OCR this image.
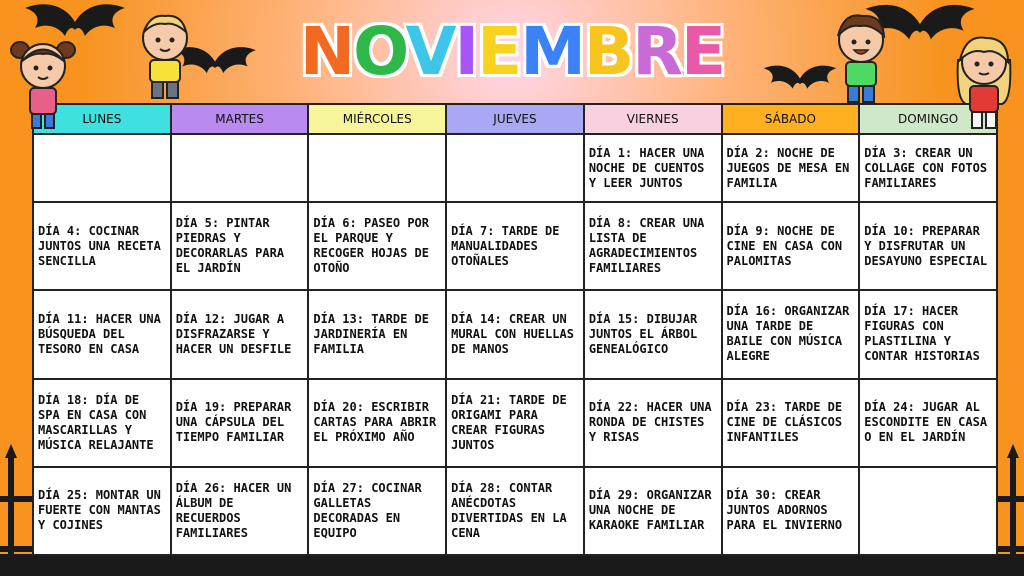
NOVIEMBRE
LUNES	MARTES	MIÉRCOLES	JUEVES	VIERNES	SÁBADO	DOMINGO
				DÍA 1: HACER UNA NOCHE DE CUENTOS Y LEER JUNTOS	DÍA 2: NOCHE DE JUEGOS DE MESA EN FAMILIA	DÍA 3: CREAR UN COLLAGE CON FOTOS FAMILIARES
DÍA 4: COCINAR JUNTOS UNA RECETA SENCILLA	DÍA 5: PINTAR PIEDRAS Y DECORARLAS PARA EL JARDÍN	DÍA 6: PASEO POR EL PARQUE Y RECOGER HOJAS DE OTOÑO	DÍA 7: TARDE DE MANUALIDADES OTOÑALES	DÍA 8: CREAR UNA LISTA DE AGRADECIMIENTOS FAMILIARES	DÍA 9: NOCHE DE CINE EN CASA CON PALOMITAS	DÍA 10: PREPARAR Y DISFRUTAR UN DESAYUNO ESPECIAL
DÍA 11: HACER UNA BÚSQUEDA DEL TESORO EN CASA	DÍA 12: JUGAR A DISFRAZARSE Y HACER UN DESFILE	DÍA 13: TARDE DE JARDINERÍA EN FAMILIA	DÍA 14: CREAR UN MURAL CON HUELLAS DE MANOS	DÍA 15: DIBUJAR JUNTOS EL ÁRBOL GENEALÓGICO	DÍA 16: ORGANIZAR UNA TARDE DE BAILE CON MÚSICA ALEGRE	DÍA 17: HACER FIGURAS CON PLASTILINA Y CONTAR HISTORIAS
DÍA 18: DÍA DE SPA EN CASA CON MASCARILLAS Y MÚSICA RELAJANTE	DÍA 19: PREPARAR UNA CÁPSULA DEL TIEMPO FAMILIAR	DÍA 20: ESCRIBIR CARTAS PARA ABRIR EL PRÓXIMO AÑO	DÍA 21: TARDE DE ORIGAMI PARA CREAR FIGURAS JUNTOS	DÍA 22: HACER UNA RONDA DE CHISTES Y RISAS	DÍA 23: TARDE DE CINE DE CLÁSICOS INFANTILES	DÍA 24: JUGAR AL ESCONDITE EN CASA O EN EL JARDÍN
DÍA 25: MONTAR UN FUERTE CON MANTAS Y COJINES	DÍA 26: HACER UN ÁLBUM DE RECUERDOS FAMILIARES	DÍA 27: COCINAR GALLETAS DECORADAS EN EQUIPO	DÍA 28: CONTAR ANÉCDOTAS DIVERTIDAS EN LA CENA	DÍA 29: ORGANIZAR UNA NOCHE DE KARAOKE FAMILIAR	DÍA 30: CREAR JUNTOS ADORNOS PARA EL INVIERNO	
